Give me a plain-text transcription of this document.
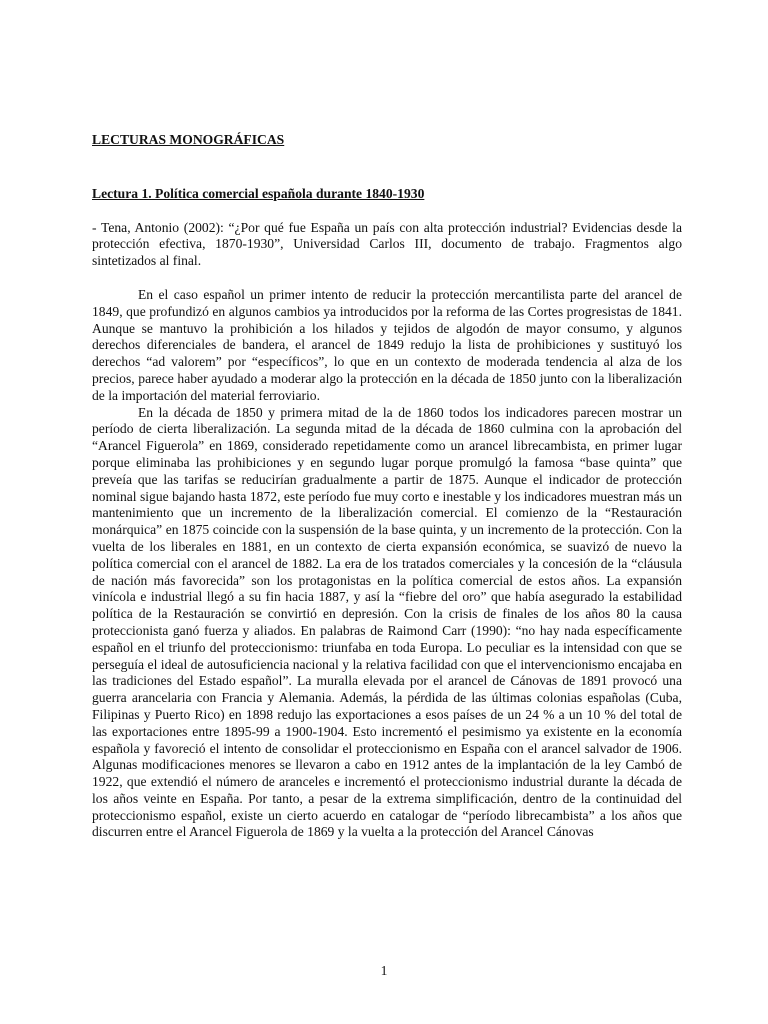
LECTURAS MONOGRÁFICAS
Lectura 1. Política comercial española durante 1840-1930

- Tena, Antonio (2002): “¿Por qué fue España un país con alta protección industrial? Evidencias desde la protección efectiva, 1870-1930”, Universidad Carlos III, documento de trabajo. Fragmentos algo sintetizados al final.

En el caso español un primer intento de reducir la protección mercantilista parte del arancel de 1849, que profundizó en algunos cambios ya introducidos por la reforma de las Cortes progresistas de 1841. Aunque se mantuvo la prohibición a los hilados y tejidos de algodón de mayor consumo, y algunos derechos diferenciales de bandera, el arancel de 1849 redujo la lista de prohibiciones y sustituyó los derechos “ad valorem” por “específicos”, lo que en un contexto de moderada tendencia al alza de los precios, parece haber ayudado a moderar algo la protección en la década de 1850 junto con la liberalización de la importación del material ferroviario.

En la década de 1850 y primera mitad de la de 1860 todos los indicadores parecen mostrar un período de cierta liberalización. La segunda mitad de la década de 1860 culmina con la aprobación del “Arancel Figuerola” en 1869, considerado repetidamente como un arancel librecambista, en primer lugar porque eliminaba las prohibiciones y en segundo lugar porque promulgó la famosa “base quinta” que preveía que las tarifas se reducirían gradualmente a partir de 1875. Aunque el indicador de protección nominal sigue bajando hasta 1872, este período fue muy corto e inestable y los indicadores muestran más un mantenimiento que un incremento de la liberalización comercial. El comienzo de la “Restauración monárquica” en 1875 coincide con la suspensión de la base quinta, y un incremento de la protección. Con la vuelta de los liberales en 1881, en un contexto de cierta expansión económica, se suavizó de nuevo la política comercial con el arancel de 1882. La era de los tratados comerciales y la concesión de la “cláusula de nación más favorecida” son los protagonistas en la política comercial de estos años. La expansión vinícola e industrial llegó a su fin hacia 1887, y así la “fiebre del oro” que había asegurado la estabilidad política de la Restauración se convirtió en depresión. Con la crisis de finales de los años 80 la causa proteccionista ganó fuerza y aliados. En palabras de Raimond Carr (1990): “no hay nada específicamente español en el triunfo del proteccionismo: triunfaba en toda Europa. Lo peculiar es la intensidad con que se perseguía el ideal de autosuficiencia nacional y la relativa facilidad con que el intervencionismo encajaba en las tradiciones del Estado español”. La muralla elevada por el arancel de Cánovas de 1891 provocó una guerra arancelaria con Francia y Alemania. Además, la pérdida de las últimas colonias españolas (Cuba, Filipinas y Puerto Rico) en 1898 redujo las exportaciones a esos países de un 24 % a un 10 % del total de las exportaciones entre 1895-99 a 1900-1904. Esto incrementó el pesimismo ya existente en la economía española y favoreció el intento de consolidar el proteccionismo en España con el arancel salvador de 1906. Algunas modificaciones menores se llevaron a cabo en 1912 antes de la implantación de la ley Cambó de 1922, que extendió el número de aranceles e incrementó el proteccionismo industrial durante la década de los años veinte en España. Por tanto, a pesar de la extrema simplificación, dentro de la continuidad del proteccionismo español, existe un cierto acuerdo en catalogar de “período librecambista” a los años que discurren entre el Arancel Figuerola de 1869 y la vuelta a la protección del Arancel Cánovas

1
